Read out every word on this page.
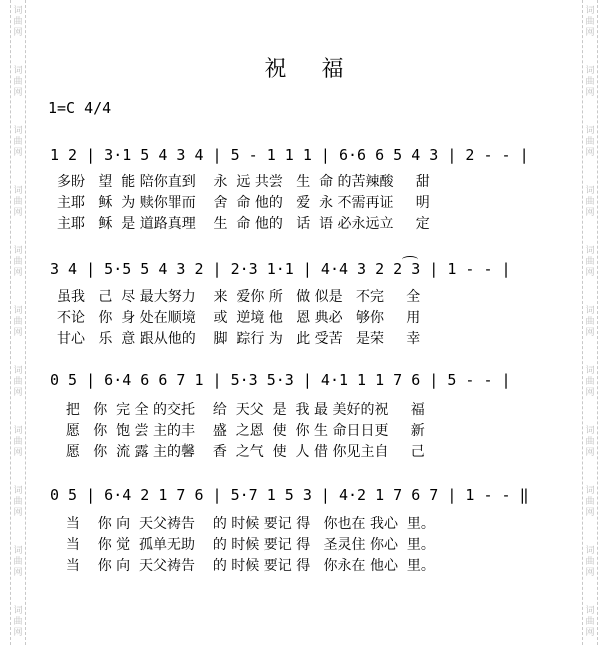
词
曲
网
词
曲
网
词
曲
网
词
曲
网
词
曲
网
词
曲
网
词
曲
网
词
曲
网
词
曲
网
词
曲
网
词
曲
网
词
曲
网
词
曲
网
词
曲
网
词
曲
网
词
曲
网
词
曲
网
词
曲
网
词
曲
网
词
曲
网
词
曲
网
词
曲
网
祝 福
1=C 4/4
1 2 | 3·1 5 4 3 4 | 5 - 1 1 1 | 6·6 6 5 4 3 | 2 - - |
多盼   望  能 陪你直到    永  远 共尝   生  命 的苦辣酸     甜
主耶   稣  为 赎你罪而    舍  命 他的   爱  永 不需再证     明
主耶   稣  是 道路真理    生  命 他的   话  语 必永远立     定
3 4 | 5·5 5 4 3 2 | 2·3 1·1 | 4·4 3 2 2 3 | 1 - - |
虽我   己  尽 最大努力    来  爱你 所   做 似是   不完     全
不论   你  身 处在顺境    或  逆境 他   恩 典必   够你     用
甘心   乐  意 跟从他的    脚  踪行 为   此 受苦   是荣     幸
0 5 | 6·4 6 6 7 1 | 5·3 5·3 | 4·1 1 1 7 6 | 5 - - |
把   你  完 全 的交托    给  天父  是  我 最 美好的祝     福
愿   你  饱 尝 主的丰    盛  之恩  使  你 生 命日日更     新
愿   你  流 露 主的馨    香  之气  使  人 借 你见主自     己
0 5 | 6·4 2 1 7 6 | 5·7 1 5 3 | 4·2 1 7 6 7 | 1 - - ‖
当    你 向  天父祷告    的 时候 要记 得   你也在 我心  里。
当    你 觉  孤单无助    的 时候 要记 得   圣灵住 你心  里。
当    你 向  天父祷告    的 时候 要记 得   你永在 他心  里。
